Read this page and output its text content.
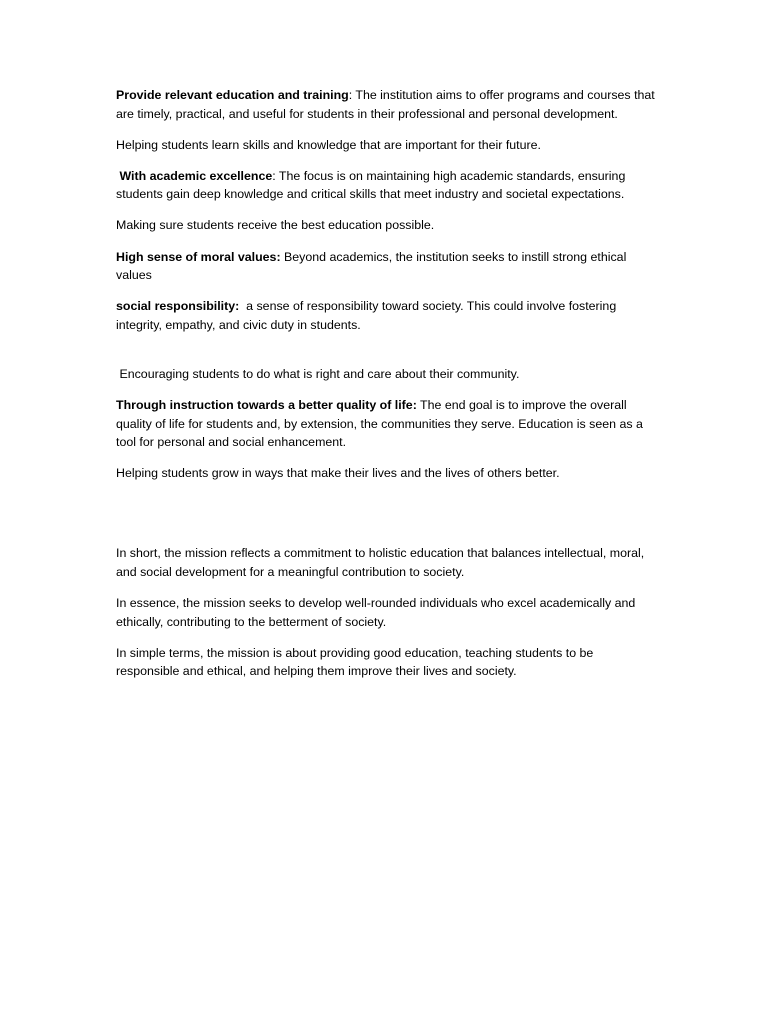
Provide relevant education and training: The institution aims to offer programs and courses that are timely, practical, and useful for students in their professional and personal development.

Helping students learn skills and knowledge that are important for their future.

With academic excellence: The focus is on maintaining high academic standards, ensuring students gain deep knowledge and critical skills that meet industry and societal expectations.

Making sure students receive the best education possible.

High sense of moral values: Beyond academics, the institution seeks to instill strong ethical values

social responsibility:  a sense of responsibility toward society. This could involve fostering integrity, empathy, and civic duty in students.

Encouraging students to do what is right and care about their community.

Through instruction towards a better quality of life: The end goal is to improve the overall quality of life for students and, by extension, the communities they serve. Education is seen as a tool for personal and social enhancement.

Helping students grow in ways that make their lives and the lives of others better.

In short, the mission reflects a commitment to holistic education that balances intellectual, moral, and social development for a meaningful contribution to society.

In essence, the mission seeks to develop well-rounded individuals who excel academically and ethically, contributing to the betterment of society.

In simple terms, the mission is about providing good education, teaching students to be responsible and ethical, and helping them improve their lives and society.
